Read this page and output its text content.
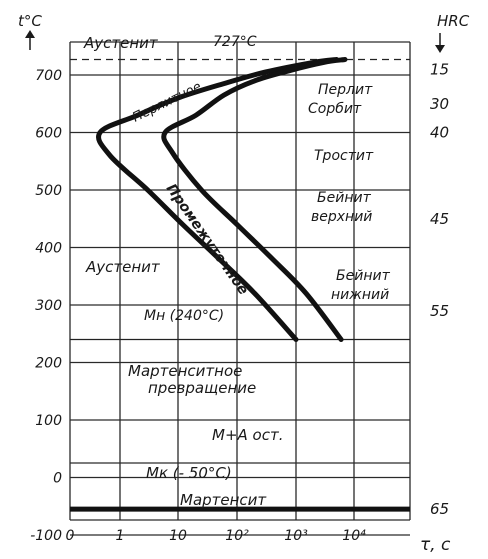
t°C
700
600
500
400
300
200
100
0
-100
HRC
15
30
40
45
55
65
0	1	10	10²	10³ 10⁴	τ, c
Аустенит	727°C
Перлитное	Перлит
Сорбит
Тростит
Бейнит
верхний
Промежуточное
Аустенит	Бейнит
нижний
Мн (240°C)
Мартенситное
превращение
М+А ост.
Мк (- 50°C)
Мартенсит
